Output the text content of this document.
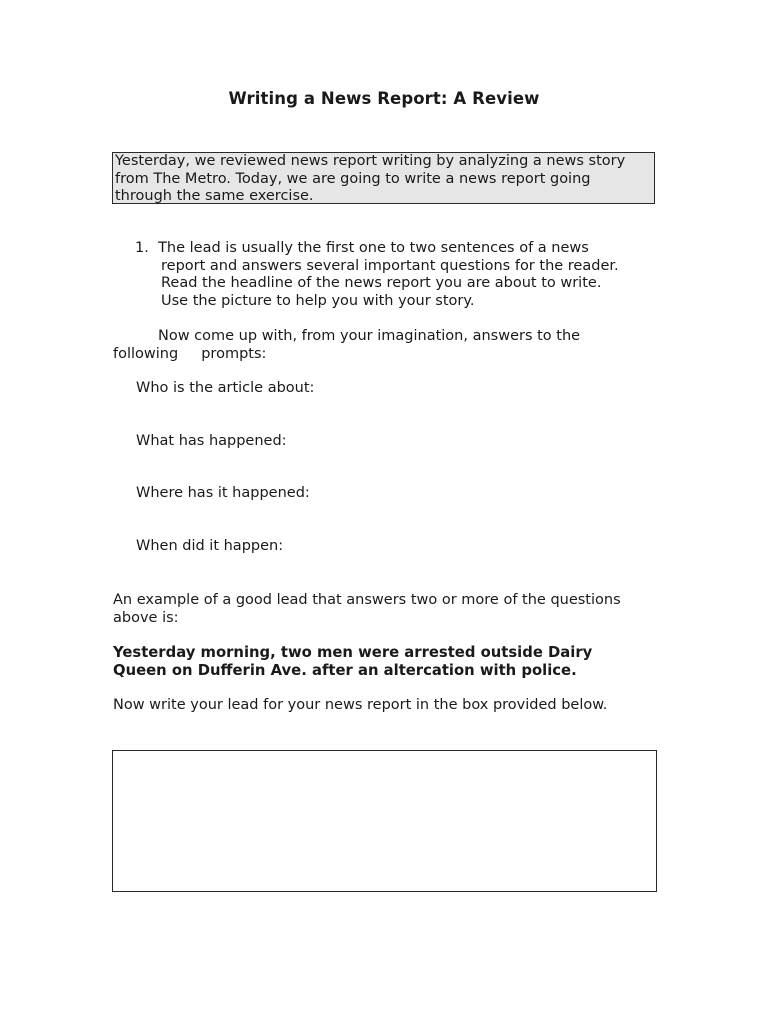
Writing a News Report: A Review
Yesterday, we reviewed news report writing by analyzing a news story
from The Metro. Today, we are going to write a news report going
through the same exercise.
1. The lead is usually the first one to two sentences of a news
report and answers several important questions for the reader.
Read the headline of the news report you are about to write.
Use the picture to help you with your story.
Now come up with, from your imagination, answers to the
following     prompts:
Who is the article about:
What has happened:
Where has it happened:
When did it happen:
An example of a good lead that answers two or more of the questions
above is:
Yesterday morning, two men were arrested outside Dairy
Queen on Dufferin Ave. after an altercation with police.
Now write your lead for your news report in the box provided below.
